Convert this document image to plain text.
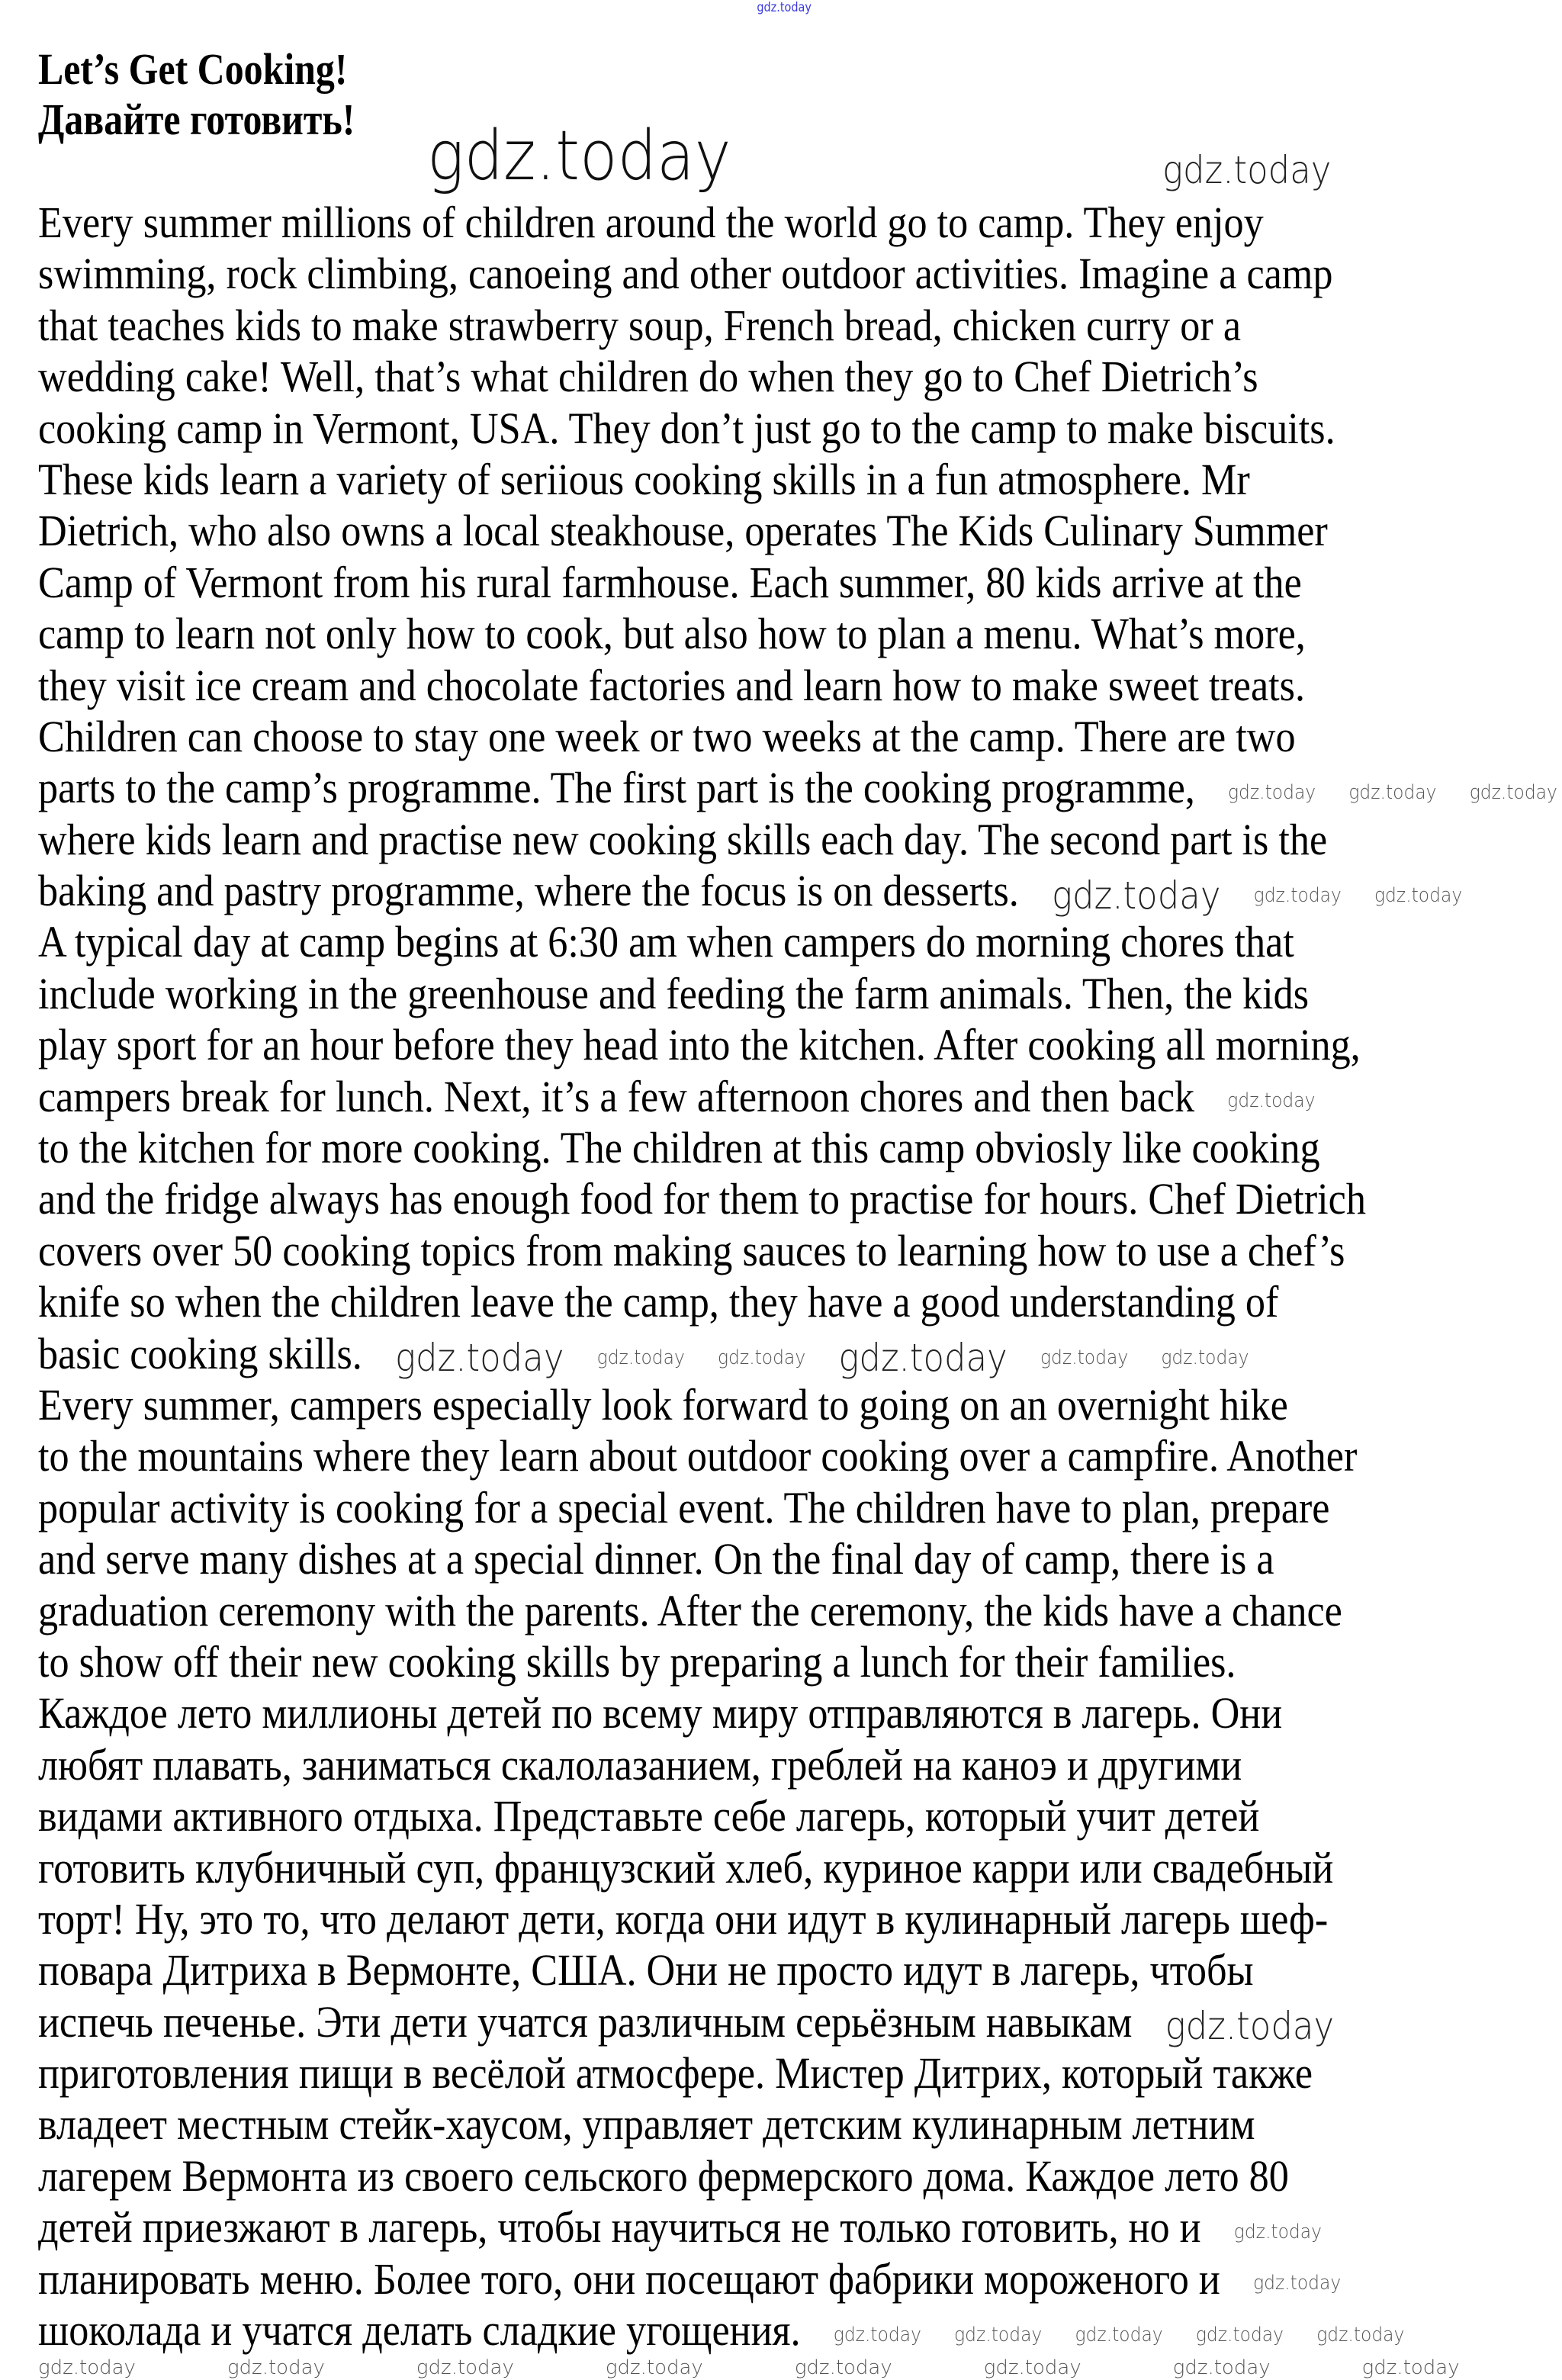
gdz.today
Let’s Get Cooking!
Давайте готовить! gdz.today	gdz.today
Every summer millions of children around the world go to camp. They enjoy
swimming, rock climbing, canoeing and other outdoor activities. Imagine a camp
that teaches kids to make strawberry soup, French bread, chicken curry or a
wedding cake! Well, that’s what children do when they go to Chef Dietrich’s
cooking camp in Vermont, USA. They don’t just go to the camp to make biscuits.
These kids learn a variety of seriious cooking skills in a fun atmosphere. Mr
Dietrich, who also owns a local steakhouse, operates The Kids Culinary Summer
Camp of Vermont from his rural farmhouse. Each summer, 80 kids arrive at the
camp to learn not only how to cook, but also how to plan a menu. What’s more,
they visit ice cream and chocolate factories and learn how to make sweet treats.
Children can choose to stay one week or two weeks at the camp. There are two
parts to the camp’s programme. The first part is the cooking programme, gdz.today gdz.today gdz.today
where kids learn and practise new cooking skills each day. The second part is the
baking and pastry programme, where the focus is on desserts. gdz.today gdz.today gdz.today
A typical day at camp begins at 6:30 am when campers do morning chores that
include working in the greenhouse and feeding the farm animals. Then, the kids
play sport for an hour before they head into the kitchen. After cooking all morning,
campers break for lunch. Next, it’s a few afternoon chores and then back gdz.today
to the kitchen for more cooking. The children at this camp obviosly like cooking
and the fridge always has enough food for them to practise for hours. Chef Dietrich
covers over 50 cooking topics from making sauces to learning how to use a chef’s
knife so when the children leave the camp, they have a good understanding of
basic cooking skills. gdz.today gdz.today gdz.today gdz.today gdz.today gdz.today
Every summer, campers especially look forward to going on an overnight hike
to the mountains where they learn about outdoor cooking over a campfire. Another
popular activity is cooking for a special event. The children have to plan, prepare
and serve many dishes at a special dinner. On the final day of camp, there is a
graduation ceremony with the parents. After the ceremony, the kids have a chance
to show off their new cooking skills by preparing a lunch for their families.
Каждое лето миллионы детей по всему миру отправляются в лагерь. Они
любят плавать, заниматься скалолазанием, греблей на каноэ и другими
видами активного отдыха. Представьте себе лагерь, который учит детей
готовить клубничный суп, французский хлеб, куриное карри или свадебный
торт! Ну, это то, что делают дети, когда они идут в кулинарный лагерь шеф-
повара Дитриха в Вермонте, США. Они не просто идут в лагерь, чтобы
испечь печенье. Эти дети учатся различным серьёзным навыкам gdz.today
приготовления пищи в весёлой атмосфере. Мистер Дитрих, который также
владеет местным стейк-хаусом, управляет детским кулинарным летним
лагерем Вермонта из своего сельского фермерского дома. Каждое лето 80
детей приезжают в лагерь, чтобы научиться не только готовить, но и gdz.today
планировать меню. Более того, они посещают фабрики мороженого и gdz.today
шоколада и учатся делать сладкие угощения. gdz.today gdz.today gdz.today gdz.today gdz.today
gdz.today	gdz.today	gdz.today	gdz.today	gdz.today	gdz.today	gdz.today	gdz.today
